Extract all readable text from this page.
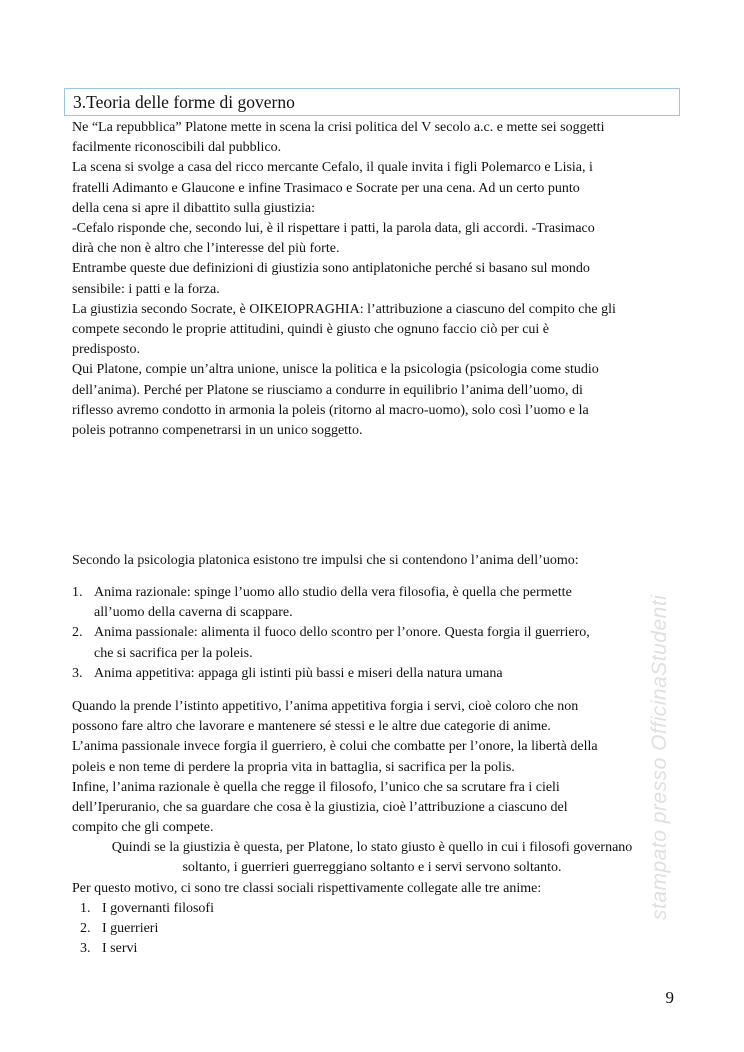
3.Teoria delle forme di governo
Ne “La repubblica” Platone mette in scena la crisi politica del V secolo a.c. e mette sei soggetti
facilmente riconoscibili dal pubblico.
La scena si svolge a casa del ricco mercante Cefalo, il quale invita i figli Polemarco e Lisia, i
fratelli Adimanto e Glaucone e infine Trasimaco e Socrate per una cena. Ad un certo punto
della cena si apre il dibattito sulla giustizia:
-Cefalo risponde che, secondo lui, è il rispettare i patti, la parola data, gli accordi. -Trasimaco
dirà che non è altro che l’interesse del più forte.
Entrambe queste due definizioni di giustizia sono antiplatoniche perché si basano sul mondo
sensibile: i patti e la forza.
La giustizia secondo Socrate, è OIKEIOPRAGHIA: l’attribuzione a ciascuno del compito che gli
compete secondo le proprie attitudini, quindi è giusto che ognuno faccio ciò per cui è
predisposto.
Qui Platone, compie un’altra unione, unisce la politica e la psicologia (psicologia come studio
dell’anima). Perché per Platone se riusciamo a condurre in equilibrio l’anima dell’uomo, di
riflesso avremo condotto in armonia la poleis (ritorno al macro-uomo), solo così l’uomo e la
poleis potranno compenetrarsi in un unico soggetto.
Secondo la psicologia platonica esistono tre impulsi che si contendono l’anima dell’uomo:
1. Anima razionale: spinge l’uomo allo studio della vera filosofia, è quella che permette
all’uomo della caverna di scappare.
2. Anima passionale: alimenta il fuoco dello scontro per l’onore. Questa forgia il guerriero,
che si sacrifica per la poleis.
3. Anima appetitiva: appaga gli istinti più bassi e miseri della natura umana
Quando la prende l’istinto appetitivo, l’anima appetitiva forgia i servi, cioè coloro che non
possono fare altro che lavorare e mantenere sé stessi e le altre due categorie di anime.
L’anima passionale invece forgia il guerriero, è colui che combatte per l’onore, la libertà della
poleis e non teme di perdere la propria vita in battaglia, si sacrifica per la polis.
Infine, l’anima razionale è quella che regge il filosofo, l’unico che sa scrutare fra i cieli
dell’Iperuranio, che sa guardare che cosa è la giustizia, cioè l’attribuzione a ciascuno del
compito che gli compete.
Quindi se la giustizia è questa, per Platone, lo stato giusto è quello in cui i filosofi governano
soltanto, i guerrieri guerreggiano soltanto e i servi servono soltanto.
Per questo motivo, ci sono tre classi sociali rispettivamente collegate alle tre anime:
1. I governanti filosofi
2. I guerrieri
3. I servi
stampato presso OfficinaStudenti
9
